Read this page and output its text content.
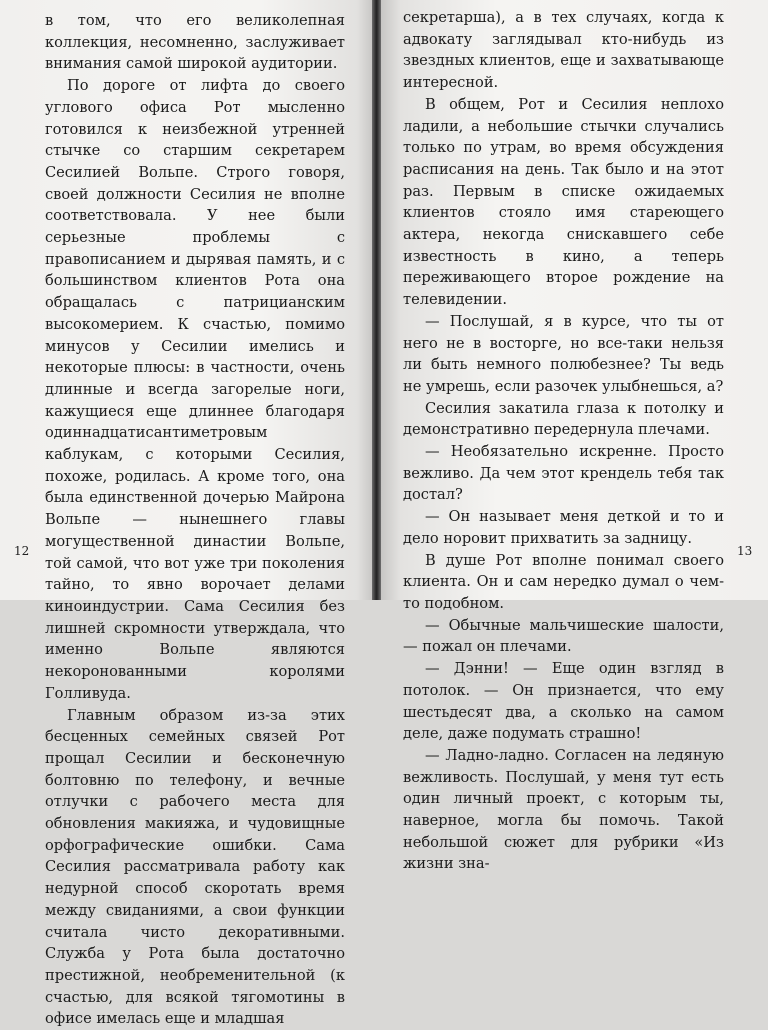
в том, что его великолепная коллекция, несомненно, заслуживает внимания самой широкой аудитории.

По дороге от лифта до своего углового офиса Рот мысленно готовился к неизбежной утренней стычке со старшим секретарем Сесилией Вольпе. Строго говоря, своей должности Сесилия не вполне соответствовала. У нее были серьезные проблемы с правописанием и дырявая память, и с большинством клиентов Рота она обращалась с патрицианским высокомерием. К счастью, помимо минусов у Сесилии имелись и некоторые плюсы: в частности, очень длинные и всегда загорелые ноги, кажущиеся еще длиннее благодаря одиннадцатисантиметровым каблукам, с которыми Сесилия, похоже, родилась. А кроме того, она была единственной дочерью Майрона Вольпе — нынешнего главы могущественной династии Вольпе, той самой, что вот уже три поколения тайно, то явно ворочает делами киноиндустрии. Сама Сесилия без лишней скромности утверждала, что именно Вольпе являются некоронованными королями Голливуда.

Главным образом из-за этих бесценных семейных связей Рот прощал Сесилии и бесконечную болтовню по телефону, и вечные отлучки с рабочего места для обновления макияжа, и чудовищные орфографические ошибки. Сама Сесилия рассматривала работу как недурной способ скоротать время между свиданиями, а свои функции считала чисто декоративными. Служба у Рота была достаточно престижной, необременительной (к счастью, для всякой тягомотины в офисе имелась еще и младшая

12

секретарша), а в тех случаях, когда к адвокату заглядывал кто-нибудь из звездных клиентов, еще и захватывающе интересной.

В общем, Рот и Сесилия неплохо ладили, а небольшие стычки случались только по утрам, во время обсуждения расписания на день. Так было и на этот раз. Первым в списке ожидаемых клиентов стояло имя стареющего актера, некогда снискавшего себе известность в кино, а теперь переживающего второе рождение на телевидении.

— Послушай, я в курсе, что ты от него не в восторге, но все-таки нельзя ли быть немного полюбезнее? Ты ведь не умрешь, если разочек улыбнешься, а?

Сесилия закатила глаза к потолку и демонстративно передернула плечами.

— Необязательно искренне. Просто вежливо. Да чем этот крендель тебя так достал?

— Он называет меня деткой и то и дело норовит прихватить за задницу.

В душе Рот вполне понимал своего клиента. Он и сам нередко думал о чем-то подобном.

— Обычные мальчишеские шалости, — пожал он плечами.

— Дэнни! — Еще один взгляд в потолок. — Он признается, что ему шестьдесят два, а сколько на самом деле, даже подумать страшно!

— Ладно-ладно. Согласен на ледяную вежливость. Послушай, у меня тут есть один личный проект, с которым ты, наверное, могла бы помочь. Такой небольшой сюжет для рубрики «Из жизни зна-

13
